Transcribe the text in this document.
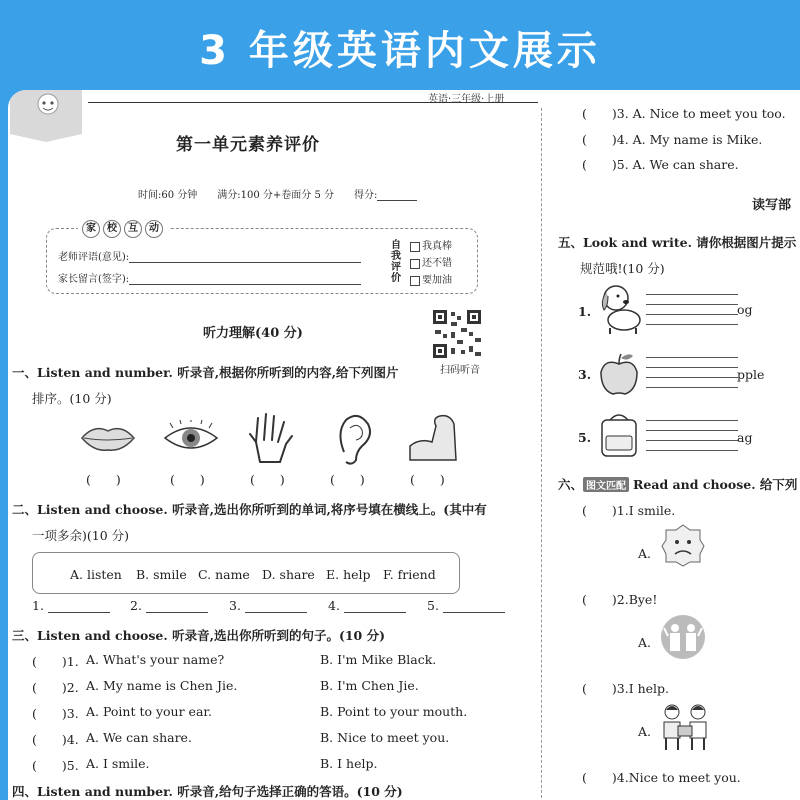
3 年级英语内文展示
英语·三年级·上册
第一单元素养评价
时间:60 分钟　　满分:100 分+卷面分 5 分　　得分:
家 校 互 动
老师评语(意见):
家长留言(签字):
自
我
评
价
我真棒
还不错
要加油
扫码听音
听力理解(40 分)
一、Listen and number. 听录音,根据你所听到的内容,给下列图片
排序。(10 分)
(　　)	(　　)	(　　)	(　　)	(　　)
二、Listen and choose. 听录音,选出你所听到的单词,将序号填在横线上。(其中有
一项多余)(10 分)
A. listen B. smile C. name D. share E. help F. friend
1.	2.	3.	4.	5.
三、Listen and choose. 听录音,选出你所听到的句子。(10 分)
(　　)1. A. What's your name?	B. I'm Mike Black.
(　　)2. A. My name is Chen Jie.	B. I'm Chen Jie.
(　　)3. A. Point to your ear.	B. Point to your mouth.
(　　)4. A. We can share.	B. Nice to meet you.
(　　)5. A. I smile.	B. I help.
四、Listen and number. 听录音,给句子选择正确的答语。(10 分)
(　　)3. A. Nice to meet you too.
(　　)4. A. My name is Mike.
(　　)5. A. We can share.
读写部
五、Look and write. 请你根据图片提示
规范哦!(10 分)
1.	og
3.	pple
5.	ag
六、 图文匹配 Read and choose. 给下列
(　　)1.I smile.
A.
(　　)2.Bye!
A.
(　　)3.I help.
A.
(　　)4.Nice to meet you.
